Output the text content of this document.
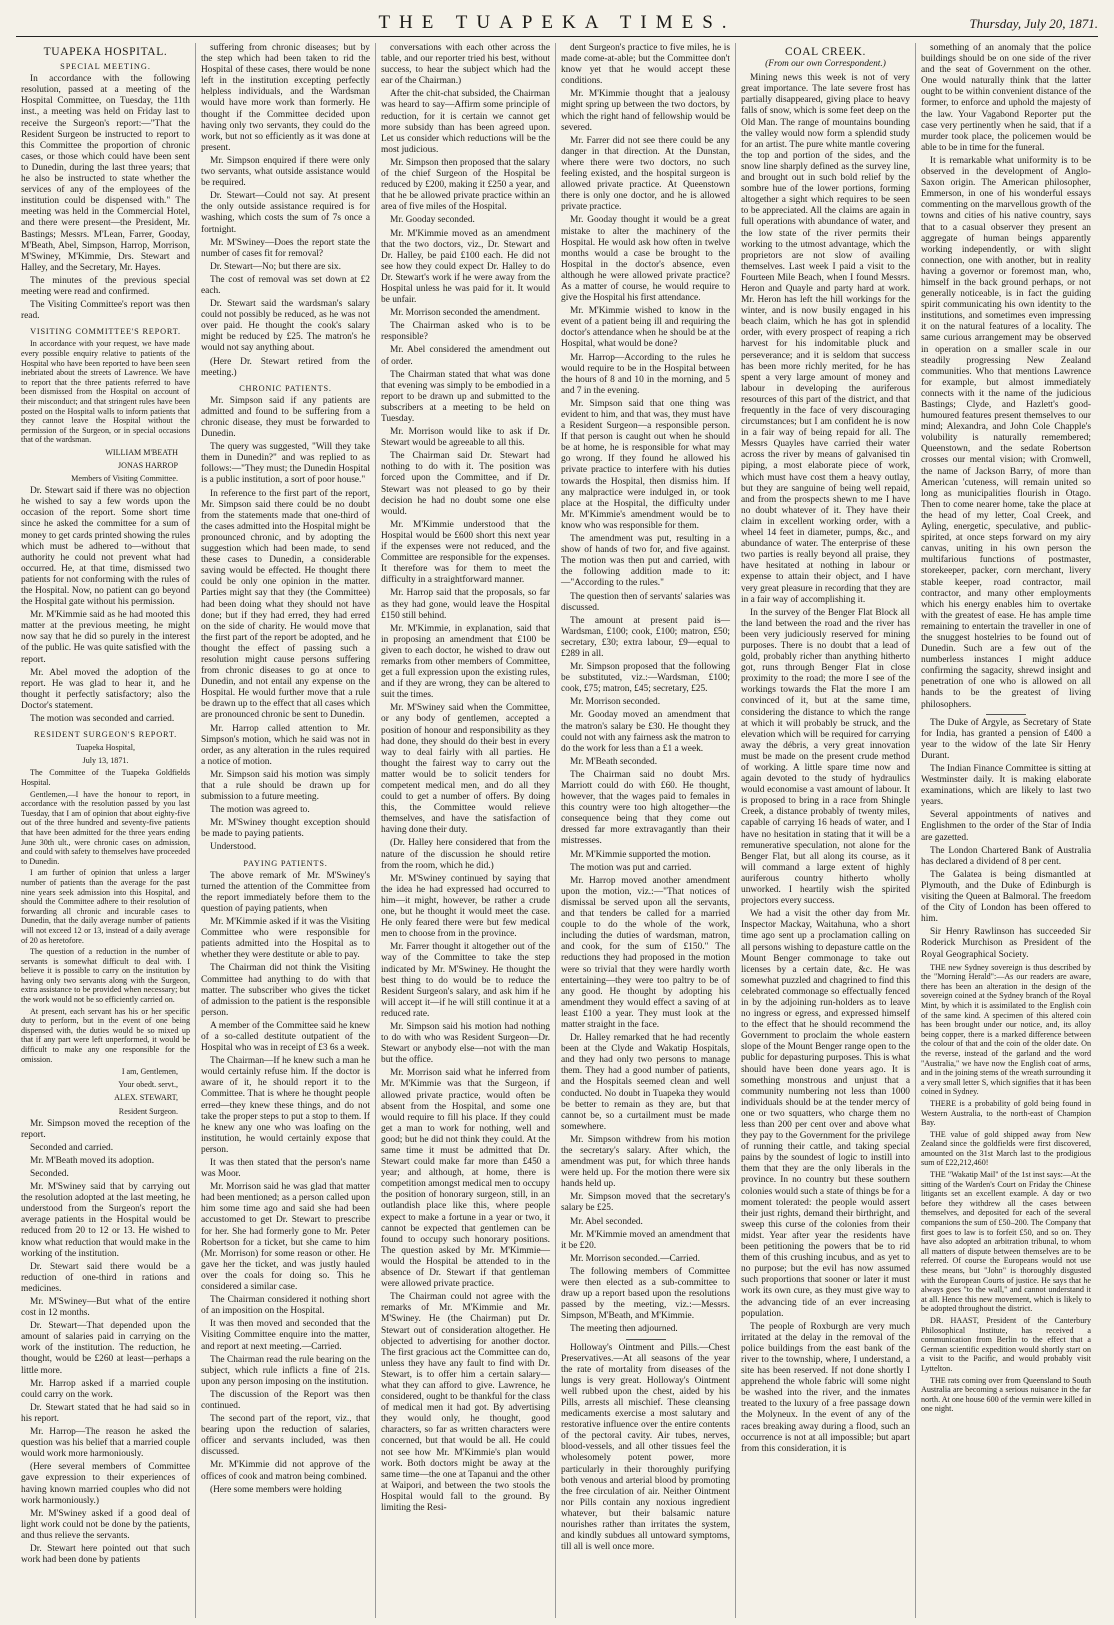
THE TUAPEKA TIMES.	Thursday, July 20, 1871.
TUAPEKA HOSPITAL.
SPECIAL MEETING.

In accordance with the following resolution, passed at a meeting of the Hospital Committee, on Tuesday, the 11th inst., a meeting was held on Friday last to receive the Surgeon's report:—"That the Resident Surgeon be instructed to report to this Committee the proportion of chronic cases, or those which could have been sent to Dunedin, during the last three years; that he also be instructed to state whether the services of any of the employees of the institution could be dispensed with." The meeting was held in the Commercial Hotel, and there were present—the President, Mr. Bastings; Messrs. M'Lean, Farrer, Gooday, M'Beath, Abel, Simpson, Harrop, Morrison, M'Swiney, M'Kimmie, Drs. Stewart and Halley, and the Secretary, Mr. Hayes.

The minutes of the previous special meeting were read and confirmed.

The Visiting Committee's report was then read.

VISITING COMMITTEE'S REPORT.

In accordance with your request, we have made every possible enquiry relative to patients of the Hospital who have been reported to have been seen inebriated about the streets of Lawrence. We have to report that the three patients referred to have been dismissed from the Hospital on account of their misconduct; and that stringent rules have been posted on the Hospital walls to inform patients that they cannot leave the Hospital without the permission of the Surgeon, or in special occasions that of the wardsman.

WILLIAM M'BEATH

JONAS HARROP

Members of Visiting Committee.

Dr. Stewart said if there was no objection he wished to say a few words upon the occasion of the report. Some short time since he asked the committee for a sum of money to get cards printed showing the rules which must be adhered to—without that authority he could not prevent what had occurred. He, at that time, dismissed two patients for not conforming with the rules of the Hospital. Now, no patient can go beyond the Hospital gate without his permission.

Mr. M'Kimmie said as he had mooted this matter at the previous meeting, he might now say that he did so purely in the interest of the public. He was quite satisfied with the report.

Mr. Abel moved the adoption of the report. He was glad to hear it, and he thought it perfectly satisfactory; also the Doctor's statement.

The motion was seconded and carried.

RESIDENT SURGEON'S REPORT.

Tuapeka Hospital,

July 13, 1871.

The Committee of the Tuapeka Goldfields Hospital.

Gentlemen,—I have the honour to report, in accordance with the resolution passed by you last Tuesday, that I am of opinion that about eighty-five out of the three hundred and seventy-five patients that have been admitted for the three years ending June 30th ult., were chronic cases on admission, and could with safety to themselves have proceeded to Dunedin.

I am further of opinion that unless a larger number of patients than the average for the past nine years seek admission into this Hospital, and should the Committee adhere to their resolution of forwarding all chronic and incurable cases to Dunedin, that the daily average number of patients will not exceed 12 or 13, instead of a daily average of 20 as heretofore.

The question of a reduction in the number of servants is somewhat difficult to deal with. I believe it is possible to carry on the institution by having only two servants along with the Surgeon, extra assistance to be provided when necessary; but the work would not be so efficiently carried on.

At present, each servant has his or her specific duty to perform, but in the event of one being dispensed with, the duties would be so mixed up that if any part were left unperformed, it would be difficult to make any one responsible for the omission.

I am, Gentlemen,

Your obedt. servt.,

ALEX. STEWART,

Resident Surgeon.

Mr. Simpson moved the reception of the report.

Seconded and carried.

Mr. M'Beath moved its adoption.

Seconded.

Mr. M'Swiney said that by carrying out the resolution adopted at the last meeting, he understood from the Surgeon's report the average patients in the Hospital would be reduced from 20 to 12 or 13. He wished to know what reduction that would make in the working of the institution.

Dr. Stewart said there would be a reduction of one-third in rations and medicines.

Mr. M'Swiney—But what of the entire cost in 12 months.

Dr. Stewart—That depended upon the amount of salaries paid in carrying on the work of the institution. The reduction, he thought, would be £260 at least—perhaps a little more.

Mr. Harrop asked if a married couple could carry on the work.

Dr. Stewart stated that he had said so in his report.

Mr. Harrop—The reason he asked the question was his belief that a married couple would work more harmoniously.

(Here several members of Committee gave expression to their experiences of having known married couples who did not work harmoniously.)

Mr. M'Swiney asked if a good deal of light work could not be done by the patients, and thus relieve the servants.

Dr. Stewart here pointed out that such work had been done by patients

suffering from chronic diseases; but by the step which had been taken to rid the Hospital of these cases, there would be none left in the institution excepting perfectly helpless individuals, and the Wardsman would have more work than formerly. He thought if the Committee decided upon having only two servants, they could do the work, but not so efficiently as it was done at present.

Mr. Simpson enquired if there were only two servants, what outside assistance would be required.

Dr. Stewart—Could not say. At present the only outside assistance required is for washing, which costs the sum of 7s once a fortnight.

Mr. M'Swiney—Does the report state the number of cases fit for removal?

Dr. Stewart—No; but there are six.

The cost of removal was set down at £2 each.

Dr. Stewart said the wardsman's salary could not possibly be reduced, as he was not over paid. He thought the cook's salary might be reduced by £25. The matron's he would not say anything about.

(Here Dr. Stewart retired from the meeting.)

CHRONIC PATIENTS.

Mr. Simpson said if any patients are admitted and found to be suffering from a chronic disease, they must be forwarded to Dunedin.

The query was suggested, "Will they take them in Dunedin?" and was replied to as follows:—"They must; the Dunedin Hospital is a public institution, a sort of poor house."

In reference to the first part of the report, Mr. Simpson said there could be no doubt from the statements made that one-third of the cases admitted into the Hospital might be pronounced chronic, and by adopting the suggestion which had been made, to send these cases to Dunedin, a considerable saving would be effected. He thought there could be only one opinion in the matter. Parties might say that they (the Committee) had been doing what they should not have done; but if they had erred, they had erred on the side of charity. He would move that the first part of the report be adopted, and he thought the effect of passing such a resolution might cause persons suffering from chronic diseases to go at once to Dunedin, and not entail any expense on the Hospital. He would further move that a rule be drawn up to the effect that all cases which are pronounced chronic be sent to Dunedin.

Mr. Harrop called attention to Mr. Simpson's motion, which he said was not in order, as any alteration in the rules required a notice of motion.

Mr. Simpson said his motion was simply that a rule should be drawn up for submission to a future meeting.

The motion was agreed to.

Mr. M'Swiney thought exception should be made to paying patients.

Understood.

PAYING PATIENTS.

The above remark of Mr. M'Swiney's turned the attention of the Committee from the report immediately before them to the question of paying patients, when

Mr. M'Kimmie asked if it was the Visiting Committee who were responsible for patients admitted into the Hospital as to whether they were destitute or able to pay.

The Chairman did not think the Visiting Committee had anything to do with that matter. The subscriber who gives the ticket of admission to the patient is the responsible person.

A member of the Committee said he knew of a so-called destitute outpatient of the Hospital who was in receipt of £3 6s a week.

The Chairman—If he knew such a man he would certainly refuse him. If the doctor is aware of it, he should report it to the Committee. That is where he thought people erred—they knew these things, and do not take the proper steps to put a stop to them. If he knew any one who was loafing on the institution, he would certainly expose that person.

It was then stated that the person's name was Moor.

Mr. Morrison said he was glad that matter had been mentioned; as a person called upon him some time ago and said she had been accustomed to get Dr. Stewart to prescribe for her. She had formerly gone to Mr. Peter Robertson for a ticket, but she came to him (Mr. Morrison) for some reason or other. He gave her the ticket, and was justly hauled over the coals for doing so. This he considered a similar case.

The Chairman considered it nothing short of an imposition on the Hospital.

It was then moved and seconded that the Visiting Committee enquire into the matter, and report at next meeting.—Carried.

The Chairman read the rule bearing on the subject, which rule inflicts a fine of 21s. upon any person imposing on the institution.

The discussion of the Report was then continued.

The second part of the report, viz., that bearing upon the reduction of salaries, officer and servants included, was then discussed.

Mr. M'Kimmie did not approve of the offices of cook and matron being combined.

(Here some members were holding

conversations with each other across the table, and our reporter tried his best, without success, to hear the subject which had the ear of the Chairman.)

After the chit-chat subsided, the Chairman was heard to say—Affirm some principle of reduction, for it is certain we cannot get more subsidy than has been agreed upon. Let us consider which reductions will be the most judicious.

Mr. Simpson then proposed that the salary of the chief Surgeon of the Hospital be reduced by £200, making it £250 a year, and that he be allowed private practice within an area of five miles of the Hospital.

Mr. Gooday seconded.

Mr. M'Kimmie moved as an amendment that the two doctors, viz., Dr. Stewart and Dr. Halley, be paid £100 each. He did not see how they could expect Dr. Halley to do Dr. Stewart's work if he were away from the Hospital unless he was paid for it. It would be unfair.

Mr. Morrison seconded the amendment.

The Chairman asked who is to be responsible?

Mr. Abel considered the amendment out of order.

The Chairman stated that what was done that evening was simply to be embodied in a report to be drawn up and submitted to the subscribers at a meeting to be held on Tuesday.

Mr. Morrison would like to ask if Dr. Stewart would be agreeable to all this.

The Chairman said Dr. Stewart had nothing to do with it. The position was forced upon the Committee, and if Dr. Stewart was not pleased to go by their decision he had no doubt some one else would.

Mr. M'Kimmie understood that the Hospital would be £600 short this next year if the expenses were not reduced, and the Committee are responsible for the expenses. It therefore was for them to meet the difficulty in a straightforward manner.

Mr. Harrop said that the proposals, so far as they had gone, would leave the Hospital £150 still behind.

Mr. M'Kimmie, in explanation, said that in proposing an amendment that £100 be given to each doctor, he wished to draw out remarks from other members of Committee, get a full expression upon the existing rules, and if they are wrong, they can be altered to suit the times.

Mr. M'Swiney said when the Committee, or any body of gentlemen, accepted a position of honour and responsibility as they had done, they should do their best in every way to deal fairly with all parties. He thought the fairest way to carry out the matter would be to solicit tenders for competent medical men, and do all they could to get a number of offers. By doing this, the Committee would relieve themselves, and have the satisfaction of having done their duty.

(Dr. Halley here considered that from the nature of the discussion he should retire from the room, which he did.)

Mr. M'Swiney continued by saying that the idea he had expressed had occurred to him—it might, however, be rather a crude one, but he thought it would meet the case. He only feared there were but few medical men to choose from in the province.

Mr. Farrer thought it altogether out of the way of the Committee to take the step indicated by Mr. M'Swiney. He thought the best thing to do would be to reduce the Resident Surgeon's salary, and ask him if he will accept it—if he will still continue it at a reduced rate.

Mr. Simpson said his motion had nothing to do with who was Resident Surgeon—Dr. Stewart or anybody else—not with the man but the office.

Mr. Morrison said what he inferred from Mr. M'Kimmie was that the Surgeon, if allowed private practice, would often be absent from the Hospital, and some one would require to fill his place. If they could get a man to work for nothing, well and good; but he did not think they could. At the same time it must be admitted that Dr. Stewart could make far more than £450 a year; and although, at home, there is competition amongst medical men to occupy the position of honorary surgeon, still, in an outlandish place like this, where people expect to make a fortune in a year or two, it cannot be expected that gentlemen can be found to occupy such honorary positions. The question asked by Mr. M'Kimmie—would the Hospital be attended to in the absence of Dr. Stewart if that gentleman were allowed private practice.

The Chairman could not agree with the remarks of Mr. M'Kimmie and Mr. M'Swiney. He (the Chairman) put Dr. Stewart out of consideration altogether. He objected to advertising for another doctor. The first gracious act the Committee can do, unless they have any fault to find with Dr. Stewart, is to offer him a certain salary—what they can afford to give. Lawrence, he considered, ought to be thankful for the class of medical men it had got. By advertising they would only, he thought, good characters, so far as written characters were concerned, but that would be all. He could not see how Mr. M'Kimmie's plan would work. Both doctors might be away at the same time—the one at Tapanui and the other at Waipori, and between the two stools the Hospital would fall to the ground. By limiting the Resi-

dent Surgeon's practice to five miles, he is made come-at-able; but the Committee don't know yet that he would accept these conditions.

Mr. M'Kimmie thought that a jealousy might spring up between the two doctors, by which the right hand of fellowship would be severed.

Mr. Farrer did not see there could be any danger in that direction. At the Dunstan, where there were two doctors, no such feeling existed, and the hospital surgeon is allowed private practice. At Queenstown there is only one doctor, and he is allowed private practice.

Mr. Gooday thought it would be a great mistake to alter the machinery of the Hospital. He would ask how often in twelve months would a case be brought to the Hospital in the doctor's absence, even although he were allowed private practice? As a matter of course, he would require to give the Hospital his first attendance.

Mr. M'Kimmie wished to know in the event of a patient being ill and requiring the doctor's attendance when he should be at the Hospital, what would be done?

Mr. Harrop—According to the rules he would require to be in the Hospital between the hours of 8 and 10 in the morning, and 5 and 7 in the evening.

Mr. Simpson said that one thing was evident to him, and that was, they must have a Resident Surgeon—a responsible person. If that person is caught out when he should be at home, he is responsible for what may go wrong. If they found he allowed his private practice to interfere with his duties towards the Hospital, then dismiss him. If any malpractice were indulged in, or took place at the Hospital, the difficulty under Mr. M'Kimmie's amendment would be to know who was responsible for them.

The amendment was put, resulting in a show of hands of two for, and five against. The motion was then put and carried, with the following addition made to it:—"According to the rules."

The question then of servants' salaries was discussed.

The amount at present paid is—Wardsman, £100; cook, £100; matron, £50; secretary, £30; extra labour, £9—equal to £289 in all.

Mr. Simpson proposed that the following be substituted, viz.:—Wardsman, £100; cook, £75; matron, £45; secretary, £25.

Mr. Morrison seconded.

Mr. Gooday moved an amendment that the matron's salary be £30. He thought they could not with any fairness ask the matron to do the work for less than a £1 a week.

Mr. M'Beath seconded.

The Chairman said no doubt Mrs. Marriott could do with £60. He thought, however, that the wages paid to females in this country were too high altogether—the consequence being that they come out dressed far more extravagantly than their mistresses.

Mr. M'Kimmie supported the motion.

The motion was put and carried.

Mr. Harrop moved another amendment upon the motion, viz.:—"That notices of dismissal be served upon all the servants, and that tenders be called for a married couple to do the whole of the work, including the duties of wardsman, matron, and cook, for the sum of £150." The reductions they had proposed in the motion were so trivial that they were hardly worth entertaining—they were too paltry to be of any good. He thought by adopting his amendment they would effect a saving of at least £100 a year. They must look at the matter straight in the face.

Dr. Halley remarked that he had recently been at the Clyde and Wakatip Hospitals, and they had only two persons to manage them. They had a good number of patients, and the Hospitals seemed clean and well conducted. No doubt in Tuapeka they would be better to remain as they are, but that cannot be, so a curtailment must be made somewhere.

Mr. Simpson withdrew from his motion the secretary's salary. After which, the amendment was put, for which three hands were held up. For the motion there were six hands held up.

Mr. Simpson moved that the secretary's salary be £25.

Mr. Abel seconded.

Mr. M'Kimmie moved an amendment that it be £20.

Mr. Morrison seconded.—Carried.

The following members of Committee were then elected as a sub-committee to draw up a report based upon the resolutions passed by the meeting, viz.:—Messrs. Simpson, M'Beath, and M'Kimmie.

The meeting then adjourned.

Holloway's Ointment and Pills.—Chest Preservatives.—At all seasons of the year the rate of mortality from diseases of the lungs is very great. Holloway's Ointment well rubbed upon the chest, aided by his Pills, arrests all mischief. These cleansing medicaments exercise a most salutary and restorative influence over the entire contents of the pectoral cavity. Air tubes, nerves, blood-vessels, and all other tissues feel the wholesomely potent power, more particularly in their thoroughly purifying both venous and arterial blood by promoting the free circulation of air. Neither Ointment nor Pills contain any noxious ingredient whatever, but their balsamic nature nourishes rather than irritates the system, and kindly subdues all untoward symptoms, till all is well once more.

COAL CREEK.

(From our own Correspondent.)

Mining news this week is not of very great importance. The late severe frost has partially disappeared, giving place to heavy falls of snow, which is some feet deep on the Old Man. The range of mountains bounding the valley would now form a splendid study for an artist. The pure white mantle covering the top and portion of the sides, and the snow line sharply defined as the survey line, and brought out in such bold relief by the sombre hue of the lower portions, forming altogether a sight which requires to be seen to be appreciated. All the claims are again in full operations with abundance of water, and the low state of the river permits their working to the utmost advantage, which the proprietors are not slow of availing themselves. Last week I paid a visit to the Fourteen Mile Beach, when I found Messrs. Heron and Quayle and party hard at work. Mr. Heron has left the hill workings for the winter, and is now busily engaged in his beach claim, which he has got in splendid order, with every prospect of reaping a rich harvest for his indomitable pluck and perseverance; and it is seldom that success has been more richly merited, for he has spent a very large amount of money and labour in developing the auriferous resources of this part of the district, and that frequently in the face of very discouraging circumstances; but I am confident he is now in a fair way of being repaid for all. The Messrs Quayles have carried their water across the river by means of galvanised tin piping, a most elaborate piece of work, which must have cost them a heavy outlay, but they are sanguine of being well repaid, and from the prospects shewn to me I have no doubt whatever of it. They have their claim in excellent working order, with a wheel 14 feet in diameter, pumps, &c., and abundance of water. The enterprise of these two parties is really beyond all praise, they have hesitated at nothing in labour or expense to attain their object, and I have very great pleasure in recording that they are in a fair way of accomplishing it.

In the survey of the Benger Flat Block all the land between the road and the river has been very judiciously reserved for mining purposes. There is no doubt that a lead of gold, probably richer than anything hitherto got, runs through Benger Flat in close proximity to the road; the more I see of the workings towards the Flat the more I am convinced of it, but at the same time, considering the distance to which the range at which it will probably be struck, and the elevation which will be required for carrying away the débris, a very great innovation must be made on the present crude method of working. A little spare time now and again devoted to the study of hydraulics would economise a vast amount of labour. It is proposed to bring in a race from Shingle Creek, a distance probably of twenty miles, capable of carrying 16 heads of water, and I have no hesitation in stating that it will be a remunerative speculation, not alone for the Benger Flat, but all along its course, as it will command a large extent of highly auriferous country hitherto wholly unworked. I heartily wish the spirited projectors every success.

We had a visit the other day from Mr. Inspector Mackay, Waitahuna, who a short time ago sent up a proclamation calling on all persons wishing to depasture cattle on the Mount Benger commonage to take out licenses by a certain date, &c. He was somewhat puzzled and chagrined to find this celebrated commonage so effectually fenced in by the adjoining run-holders as to leave no ingress or egress, and expressed himself to the effect that he should recommend the Government to proclaim the whole eastern slope of the Mount Benger range open to the public for depasturing purposes. This is what should have been done years ago. It is something monstrous and unjust that a community numbering not less than 1000 individuals should be at the tender mercy of one or two squatters, who charge them no less than 200 per cent over and above what they pay to the Government for the privilege of running their cattle, and taking special pains by the soundest of logic to instill into them that they are the only liberals in the province. In no country but these southern colonies would such a state of things be for a moment tolerated: the people would assert their just rights, demand their birthright, and sweep this curse of the colonies from their midst. Year after year the residents have been petitioning the powers that be to rid them of this crushing incubus, and as yet to no purpose; but the evil has now assumed such proportions that sooner or later it must work its own cure, as they must give way to the advancing tide of an ever increasing population.

The people of Roxburgh are very much irritated at the delay in the removal of the police buildings from the east bank of the river to the township, where, I understand, a site has been reserved. If not done shortly I apprehend the whole fabric will some night be washed into the river, and the inmates treated to the luxury of a free passage down the Molyneux. In the event of any of the races breaking away during a flood, such an occurrence is not at all impossible; but apart from this consideration, it is

something of an anomaly that the police buildings should be on one side of the river and the seat of Government on the other. One would naturally think that the latter ought to be within convenient distance of the former, to enforce and uphold the majesty of the law. Your Vagabond Reporter put the case very pertinently when he said, that if a murder took place, the policemen would be able to be in time for the funeral.

It is remarkable what uniformity is to be observed in the development of Anglo-Saxon origin. The American philosopher, Emmerson, in one of his wonderful essays commenting on the marvellous growth of the towns and cities of his native country, says that to a casual observer they present an aggregate of human beings apparently working independently, or with slight connection, one with another, but in reality having a governor or foremost man, who, himself in the back ground perhaps, or not generally noticeable, is in fact the guiding spirit communicating his own identity to the institutions, and sometimes even impressing it on the natural features of a locality. The same curious arrangement may be observed in operation on a smaller scale in our steadily progressing New Zealand communities. Who that mentions Lawrence for example, but almost immediately connects with it the name of the judicious Bastings; Clyde, and Hazlett's good-humoured features present themselves to our mind; Alexandra, and John Cole Chapple's volubility is naturally remembered; Queenstown, and the sedate Robertson crosses our mental vision; with Cromwell, the name of Jackson Barry, of more than American 'cuteness, will remain united so long as municipalities flourish in Otago. Then to come nearer home, take the place at the head of my letter, Coal Creek, and Ayling, energetic, speculative, and public-spirited, at once steps forward on my airy canvas, uniting in his own person the multifarious functions of postmaster, storekeeper, packer, corn merchant, livery stable keeper, road contractor, mail contractor, and many other employments which his energy enables him to overtake with the greatest of ease. He has ample time remaining to entertain the traveller in one of the snuggest hostelries to be found out of Dunedin. Such are a few out of the numberless instances I might adduce confirming the sagacity, shrewd insight and penetration of one who is allowed on all hands to be the greatest of living philosophers.

The Duke of Argyle, as Secretary of State for India, has granted a pension of £400 a year to the widow of the late Sir Henry Durant.

The Indian Finance Committee is sitting at Westminster daily. It is making elaborate examinations, which are likely to last two years.

Several appointments of natives and Englishmen to the order of the Star of India are gazetted.

The London Chartered Bank of Australia has declared a dividend of 8 per cent.

The Galatea is being dismantled at Plymouth, and the Duke of Edinburgh is visiting the Queen at Balmoral. The freedom of the City of London has been offered to him.

Sir Henry Rawlinson has succeeded Sir Roderick Murchison as President of the Royal Geographical Society.

THE new Sydney sovereign is thus described by the "Morning Herald":—As our readers are aware, there has been an alteration in the design of the sovereign coined at the Sydney branch of the Royal Mint, by which it is assimilated to the English coin of the same kind. A specimen of this altered coin has been brought under our notice, and, its alloy being copper, there is a marked difference between the colour of that and the coin of the older date. On the reverse, instead of the garland and the word "Australia," we have now the English coat of arms, and in the joining stems of the wreath surrounding it a very small letter S, which signifies that it has been coined in Sydney.

THERE is a probability of gold being found in Western Australia, to the north-east of Champion Bay.

THE value of gold shipped away from New Zealand since the goldfields were first discovered, amounted on the 31st March last to the prodigious sum of £22,212,460!

THE "Wakatip Mail" of the 1st inst says:—At the sitting of the Warden's Court on Friday the Chinese litigants set an excellent example. A day or two before they withdrew all the cases between themselves, and deposited for each of the several companions the sum of £50–200. The Company that first goes to law is to forfeit £50, and so on. They have also adopted an arbitration tribunal, to whom all matters of dispute between themselves are to be referred. Of course the Europeans would not use these means, but "John" is thoroughly disgusted with the European Courts of justice. He says that he always goes "to the wall," and cannot understand it at all. Hence this new movement, which is likely to be adopted throughout the district.

DR. HAAST, President of the Canterbury Philosophical Institute, has received a communication from Berlin to the effect that a German scientific expedition would shortly start on a visit to the Pacific, and would probably visit Lyttelton.

THE rats coming over from Queensland to South Australia are becoming a serious nuisance in the far north. At one house 600 of the vermin were killed in one night.
